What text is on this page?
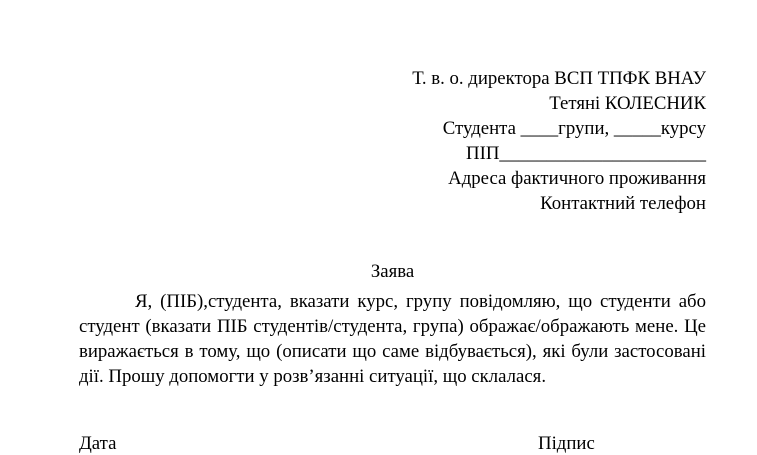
Т. в. о. директора ВСП ТПФК ВНАУ
Тетяні КОЛЕСНИК
Студента ____групи, _____курсу
ПІП______________________
Адреса фактичного проживання
Контактний телефон
Заява
Я, (ПІБ),студента, вказати курс, групу повідомляю, що студенти або
студент (вказати ПІБ студентів/студента, група) ображає/ображають мене. Це
виражається в тому, що (описати що саме відбувається), які були застосовані
дії. Прошу допомогти у розв’язанні ситуації, що склалася.
Дата	Підпис
